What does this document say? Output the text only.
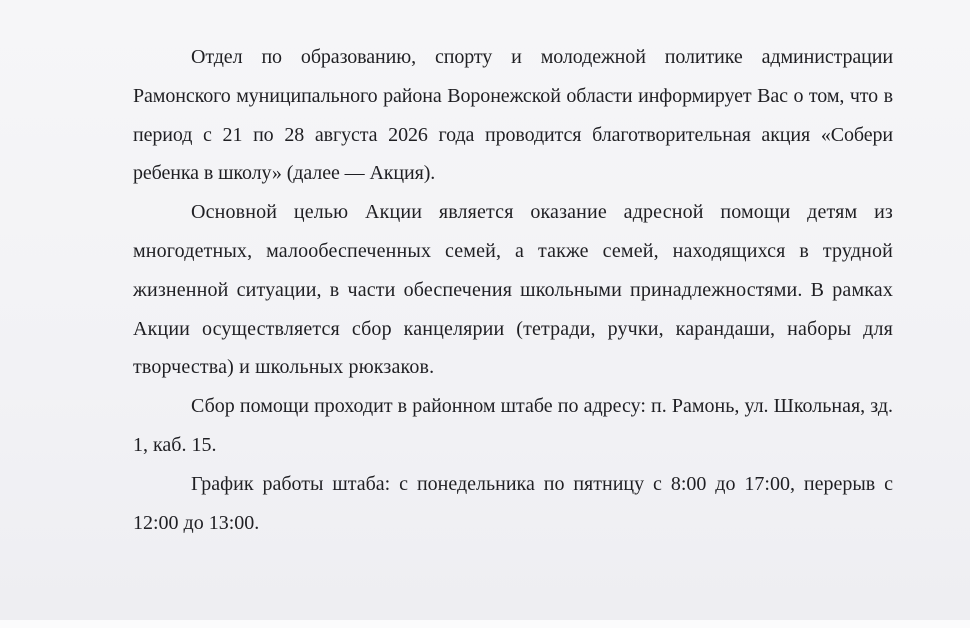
Отдел по образованию, спорту и молодежной политике администрации Рамонского муниципального района Воронежской области информирует Вас о том, что в период с 21 по 28 августа 2026 года проводится благотворительная акция «Собери ребенка в школу» (далее — Акция).

Основной целью Акции является оказание адресной помощи детям из многодетных, малообеспеченных семей, а также семей, находящихся в трудной жизненной ситуации, в части обеспечения школьными принадлежностями. В рамках Акции осуществляется сбор канцелярии (тетради, ручки, карандаши, наборы для творчества) и школьных рюкзаков.

Сбор помощи проходит в районном штабе по адресу: п. Рамонь, ул. Школьная, зд. 1, каб. 15.

График работы штаба: с понедельника по пятницу с 8:00 до 17:00, перерыв с 12:00 до 13:00.
